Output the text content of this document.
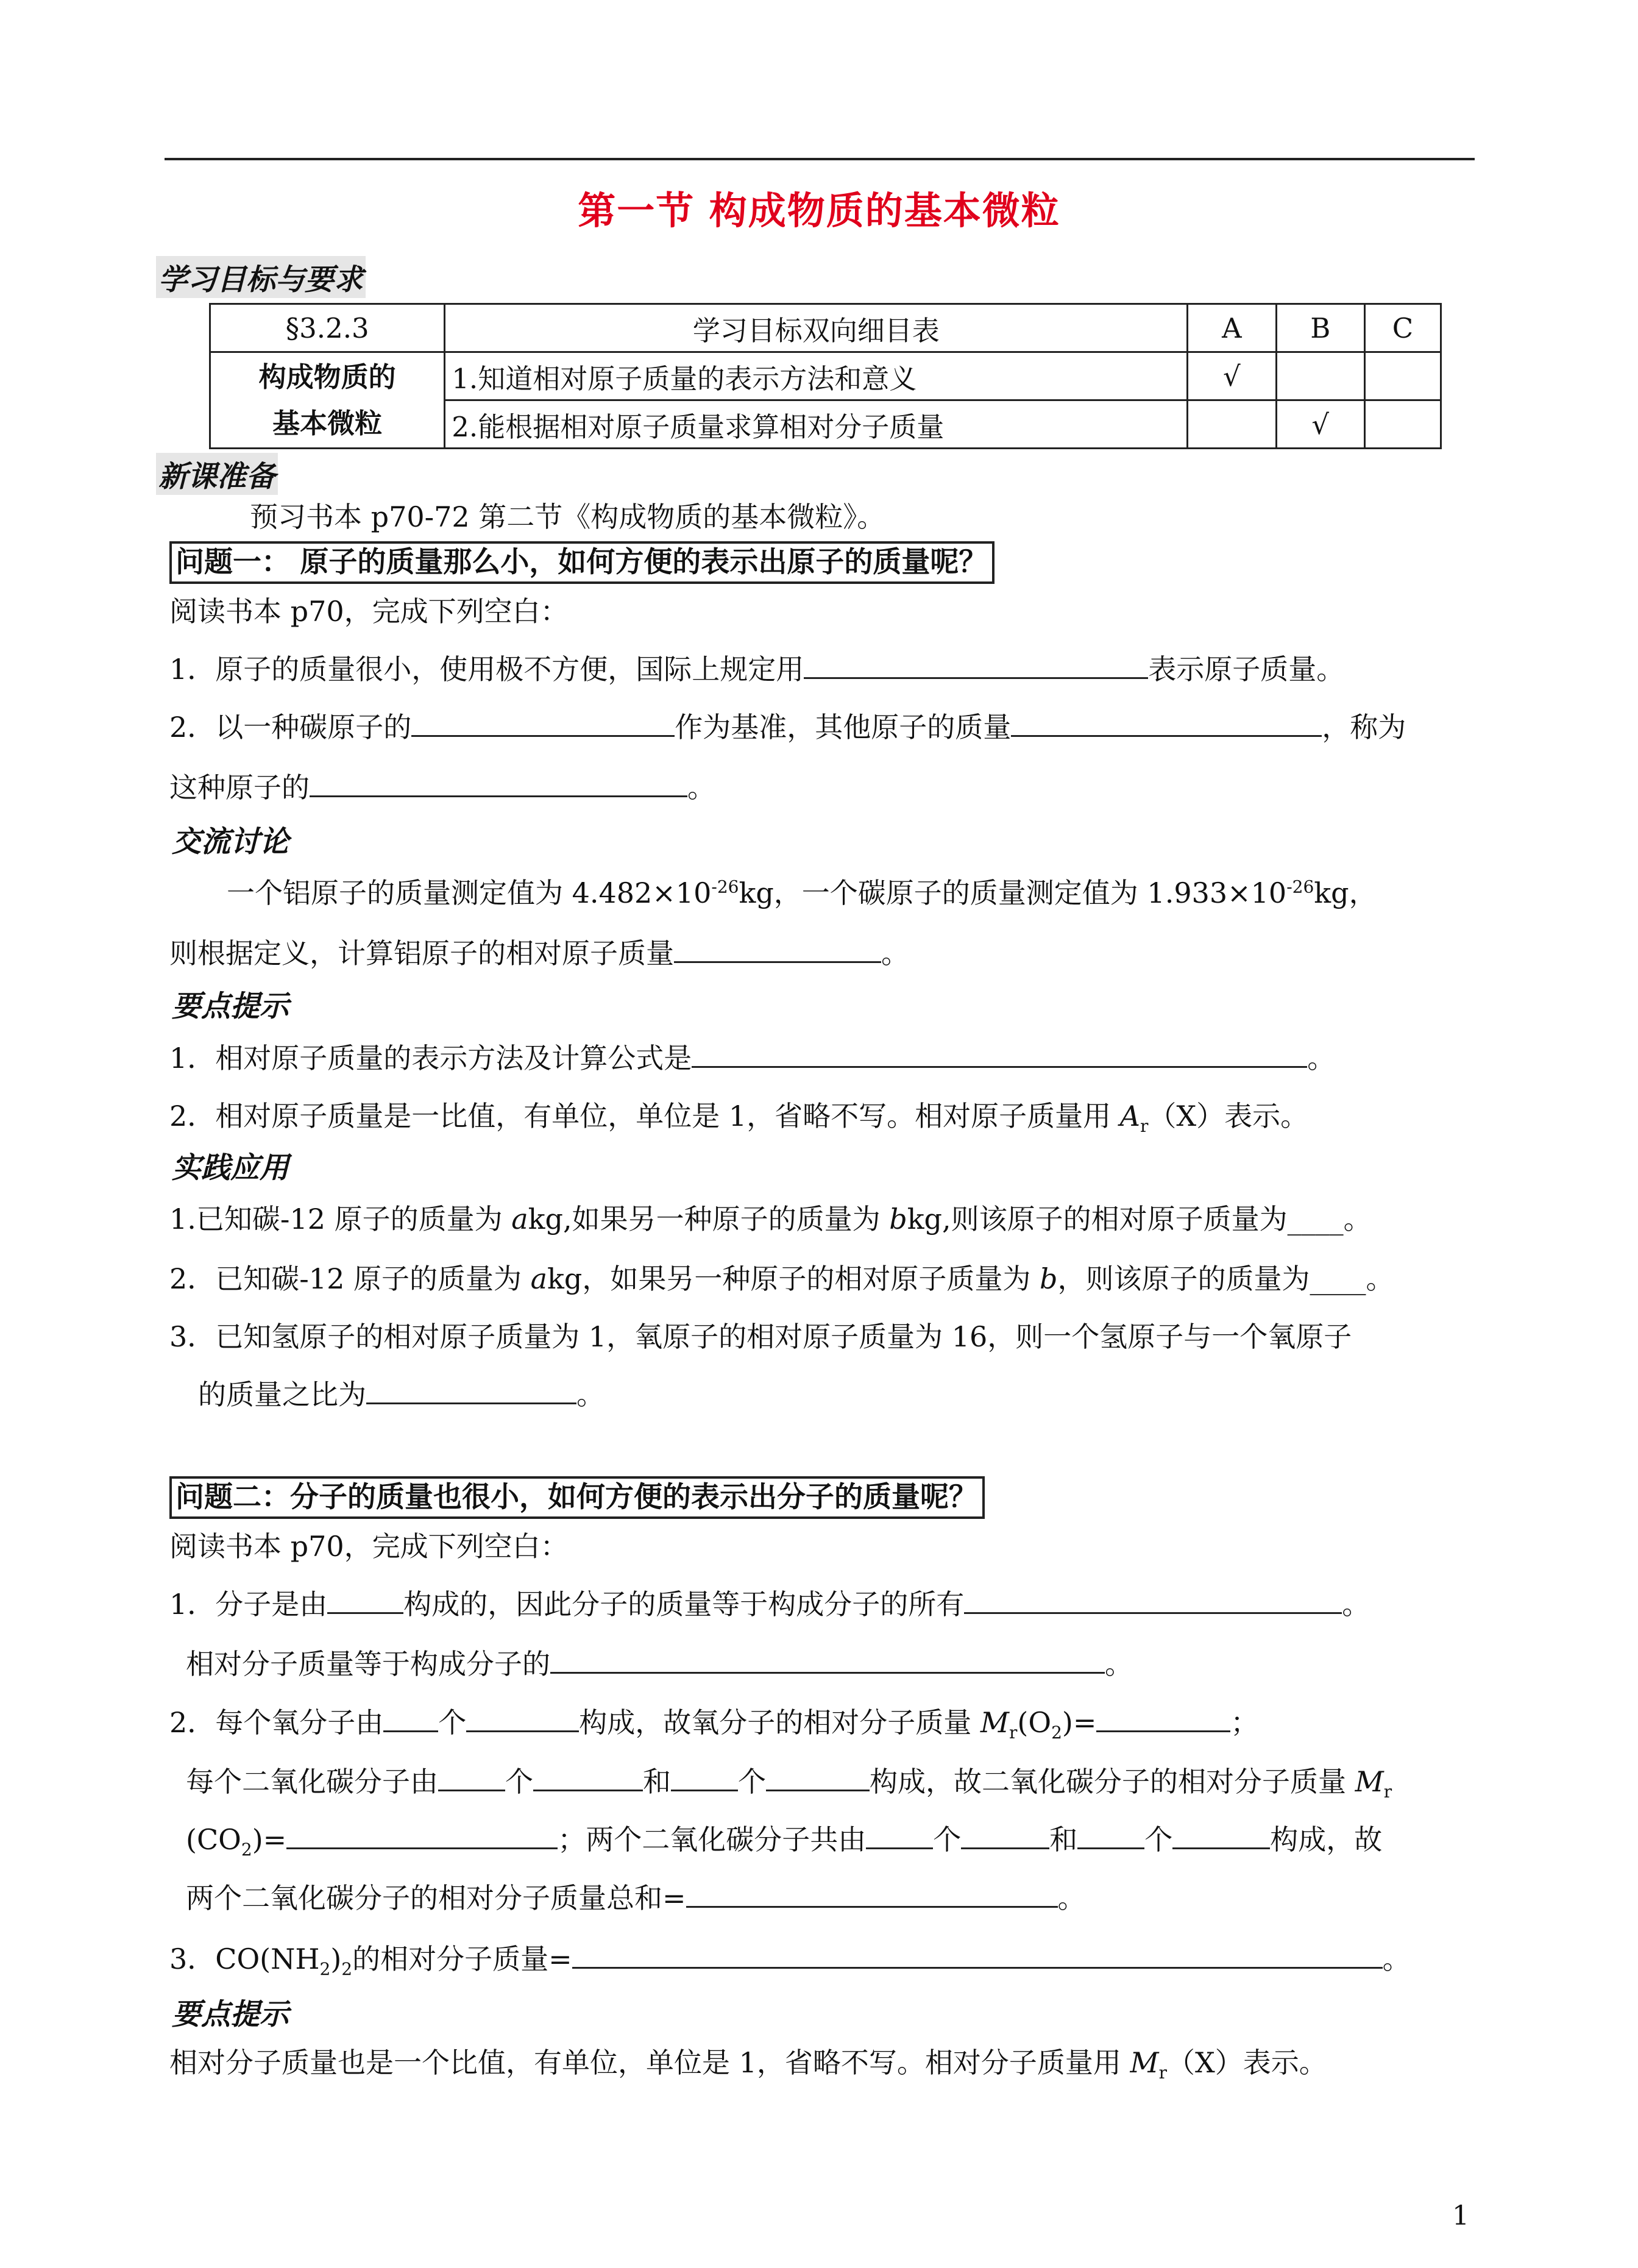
第一节 构成物质的基本微粒
学习目标与要求
§3.2.3	学习目标双向细目表	A	B	C

构成物质的
基本微粒	1.知道相对原子质量的表示方法和意义	√		
	2.能根据相对原子质量求算相对分子质量		√	
新课准备
预习书本 p70-72 第二节《构成物质的基本微粒》。
问题一： 原子的质量那么小，如何方便的表示出原子的质量呢？
阅读书本 p70，完成下列空白：
1．原子的质量很小，使用极不方便，国际上规定用	表示原子质量。
2．以一种碳原子的	作为基准，其他原子的质量	，称为
这种原子的	。
交流讨论
一个铝原子的质量测定值为 $4.482\times 10^{-26}kg$，一个碳原子的质量测定值为 $1.933\times 10^{-26}kg$，
则根据定义，计算铝原子的相对原子质量	。
要点提示
1．相对原子质量的表示方法及计算公式是	。
2．相对原子质量是一比值，有单位，单位是 1，省略不写。相对原子质量用 $A_r(X)$表示。
实践应用
1.已知碳-12 原子的质量为 akg,如果另一种原子的质量为 bkg,则该原子的相对原子质量为____。
2．已知碳-12 原子的质量为 akg，如果另一种原子的相对原子质量为 b，则该原子的质量为____。
3．已知氢原子的相对原子质量为 1，氧原子的相对原子质量为 16，则一个氢原子与一个氧原子
的质量之比为	。
问题二：分子的质量也很小，如何方便的表示出分子的质量呢？
阅读书本 p70，完成下列空白：
1．分子是由	构成的，因此分子的质量等于构成分子的所有	。
相对分子质量等于构成分子的	。
2．每个氧分子由 个	构成，故氧分子的相对分子质量 $M_r(O_2)=$	；
每个二氧化碳分子由 个	和 个	构成，故二氧化碳分子的相对分子质量 $M_r$
$(CO_2)=$	；两个二氧化碳分子共由 个	和 个	构成，故
两个二氧化碳分子的相对分子质量总和=	。
3．$CO(NH_2)_2$的相对分子质量=	。
要点提示
相对分子质量也是一个比值，有单位，单位是 1，省略不写。相对分子质量用 $M_r(X)$表示。
1
